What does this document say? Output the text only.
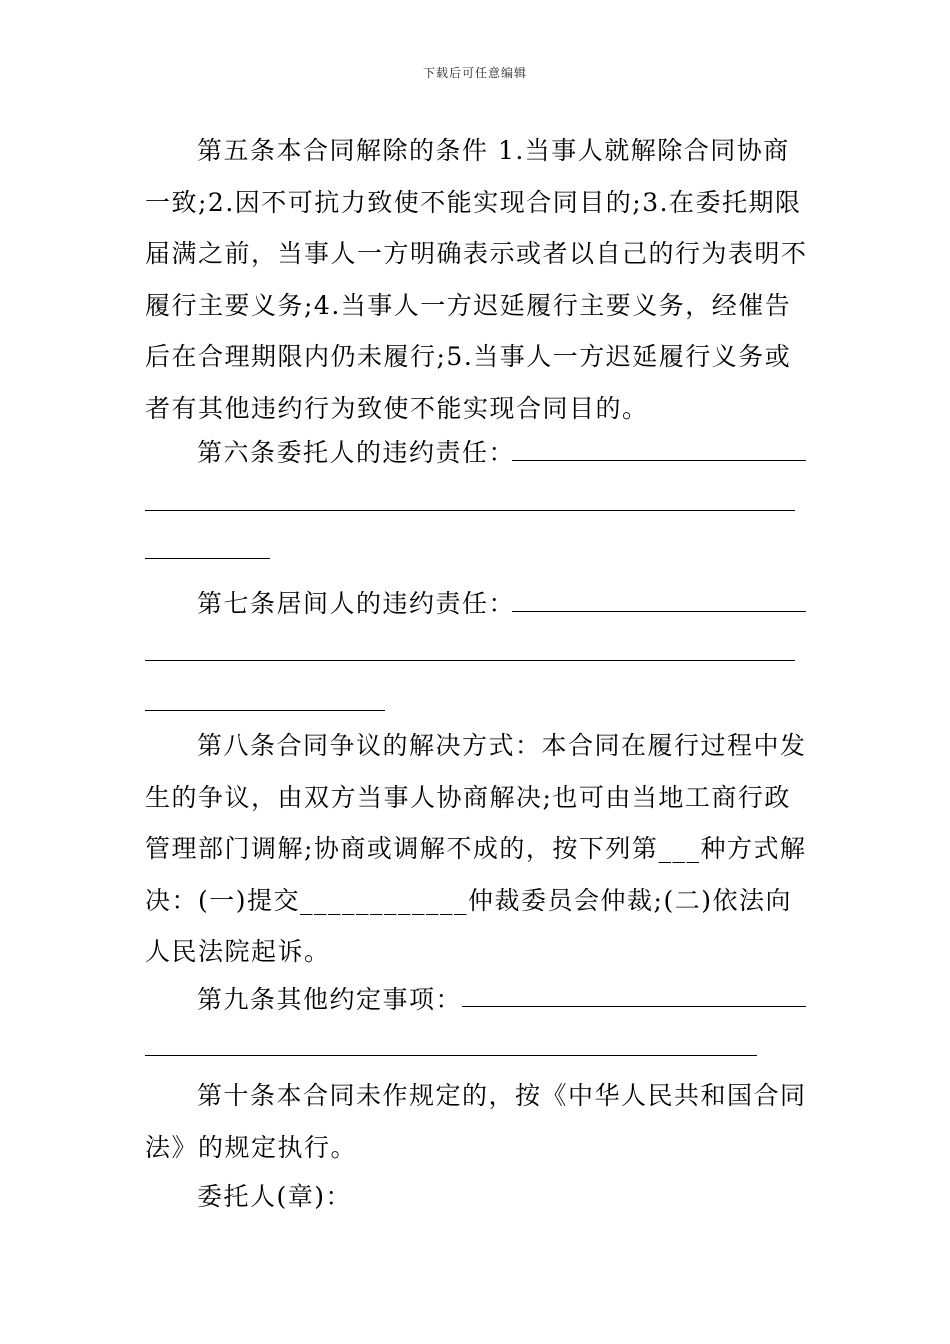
下载后可任意编辑

第五条本合同解除的条件 1.当事人就解除合同协商一致;2.因不可抗力致使不能实现合同目的;3.在委托期限届满之前，当事人一方明确表示或者以自己的行为表明不履行主要义务;4.当事人一方迟延履行主要义务，经催告后在合理期限内仍未履行;5.当事人一方迟延履行义务或者有其他违约行为致使不能实现合同目的。

第六条委托人的违约责任：
第七条居间人的违约责任：

第八条合同争议的解决方式：本合同在履行过程中发生的争议，由双方当事人协商解决;也可由当地工商行政管理部门调解;协商或调解不成的，按下列第___种方式解决：(一)提交____________仲裁委员会仲裁;(二)依法向人民法院起诉。

第九条其他约定事项：

第十条本合同未作规定的，按《中华人民共和国合同法》的规定执行。

委托人(章)：
